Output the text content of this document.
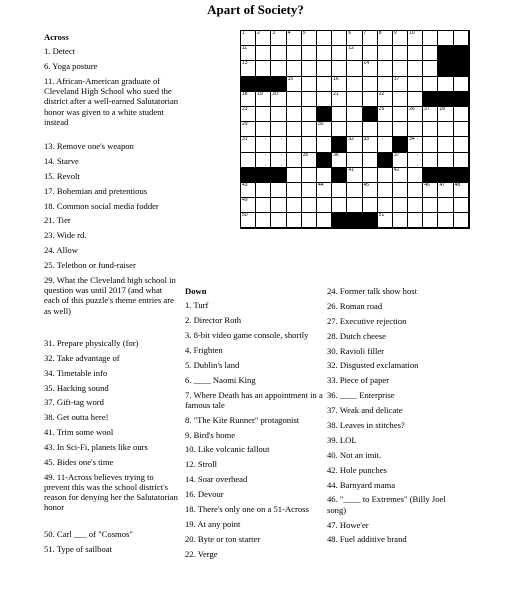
Apart of Society?
1 2 3 4 5	6 7 8 9 10
11	12
13	14
15	16	17
18 19 20	21	22
23	25	26 27 28
29	30
31	32 33	34
35	36	37
41	42
43	44	45	46 47 48
49
50	51
Across
1. Detect
6. Yoga posture
11. African-American graduate of Cleveland High School who sued the district after a well-earned Salutatorian honor was given to a white student instead
13. Remove one's weapon
14. Starve
15. Revolt
17. Bohemian and pretentious
18. Common social media fodder
21. Tier
23. Wide rd.
24. Allow
25. Telethon or fund-raiser
29. What the Cleveland high school in question was until 2017 (and what each of this puzzle's theme entries are as well)
31. Prepare physically (for)
32. Take advantage of
34. Timetable info
35. Hacking sound
37. Gift-tag word
38. Get outta here!
41. Trim some wool
43. In Sci-Fi, planets like ours
45. Bides one's time
49. 11-Across believes trying to prevent this was the school district's reason for denying her the Salutatorian honor
50. Carl ___ of "Cosmos"
51. Type of sailboat
Down
1. Turf
2. Director Roth
3. 8-bit video game console, shortly
4. Frighten
5. Dublin's land
6. ____ Naomi King
7. Where Death has an appointment in a famous tale
8. "The Kite Runner" protagonist
9. Bird's home
10. Like volcanic fallout
12. Stroll
14. Soar overhead
16. Devour
18. There's only one on a 51-Across
19. At any point
20. Byte or ton starter
22. Verge
24. Former talk show host
26. Roman road
27. Executive rejection
28. Dutch cheese
30. Ravioli filler
32. Disgusted exclamation
33. Piece of paper
36. ____ Enterprise
37. Weak and delicate
38. Leaves in stitches?
39. LOL
40. Not an imit.
42. Hole punches
44. Barnyard mama
46. "____ to Extremes" (Billy Joel song)
47. Howe'er
48. Fuel additive brand
